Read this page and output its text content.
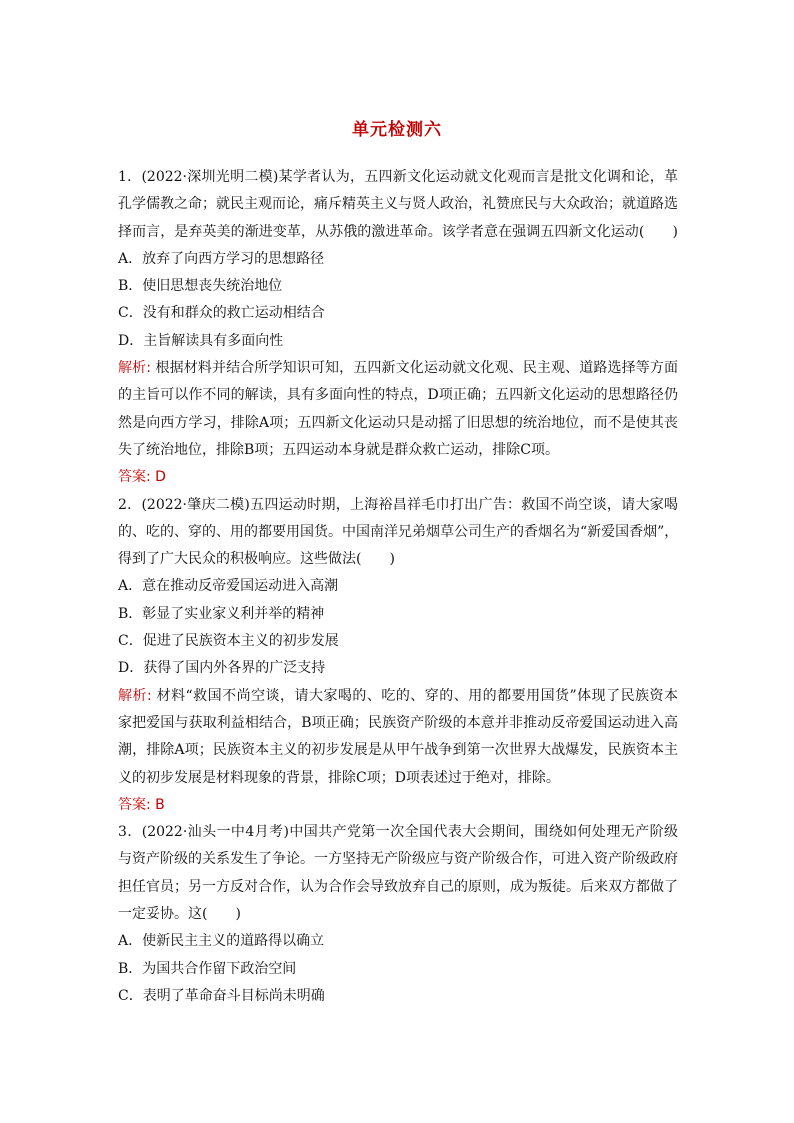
单元检测六
1．(2022·深圳光明二模)某学者认为，五四新文化运动就文化观而言是批文化调和论，革
孔学儒教之命；就民主观而论，痛斥精英主义与贤人政治，礼赞庶民与大众政治；就道路选
择而言，是弃英美的渐进变革，从苏俄的激进革命。该学者意在强调五四新文化运动(　　)
A．放弃了向西方学习的思想路径
B．使旧思想丧失统治地位
C．没有和群众的救亡运动相结合
D．主旨解读具有多面向性
解析: 根据材料并结合所学知识可知，五四新文化运动就文化观、民主观、道路选择等方面
的主旨可以作不同的解读，具有多面向性的特点，D项正确；五四新文化运动的思想路径仍
然是向西方学习，排除A项；五四新文化运动只是动摇了旧思想的统治地位，而不是使其丧
失了统治地位，排除B项；五四运动本身就是群众救亡运动，排除C项。
答案: D
2．(2022·肇庆二模)五四运动时期，上海裕昌祥毛巾打出广告：救国不尚空谈，请大家喝
的、吃的、穿的、用的都要用国货。中国南洋兄弟烟草公司生产的香烟名为“新爱国香烟”，
得到了广大民众的积极响应。这些做法(　　)
A．意在推动反帝爱国运动进入高潮
B．彰显了实业家义利并举的精神
C．促进了民族资本主义的初步发展
D．获得了国内外各界的广泛支持
解析: 材料“救国不尚空谈，请大家喝的、吃的、穿的、用的都要用国货”体现了民族资本
家把爱国与获取利益相结合，B项正确；民族资产阶级的本意并非推动反帝爱国运动进入高
潮，排除A项；民族资本主义的初步发展是从甲午战争到第一次世界大战爆发，民族资本主
义的初步发展是材料现象的背景，排除C项；D项表述过于绝对，排除。
答案: B
3．(2022·汕头一中4月考)中国共产党第一次全国代表大会期间，围绕如何处理无产阶级
与资产阶级的关系发生了争论。一方坚持无产阶级应与资产阶级合作，可进入资产阶级政府
担任官员；另一方反对合作，认为合作会导致放弃自己的原则，成为叛徒。后来双方都做了
一定妥协。这(　　)
A．使新民主主义的道路得以确立
B．为国共合作留下政治空间
C．表明了革命奋斗目标尚未明确
